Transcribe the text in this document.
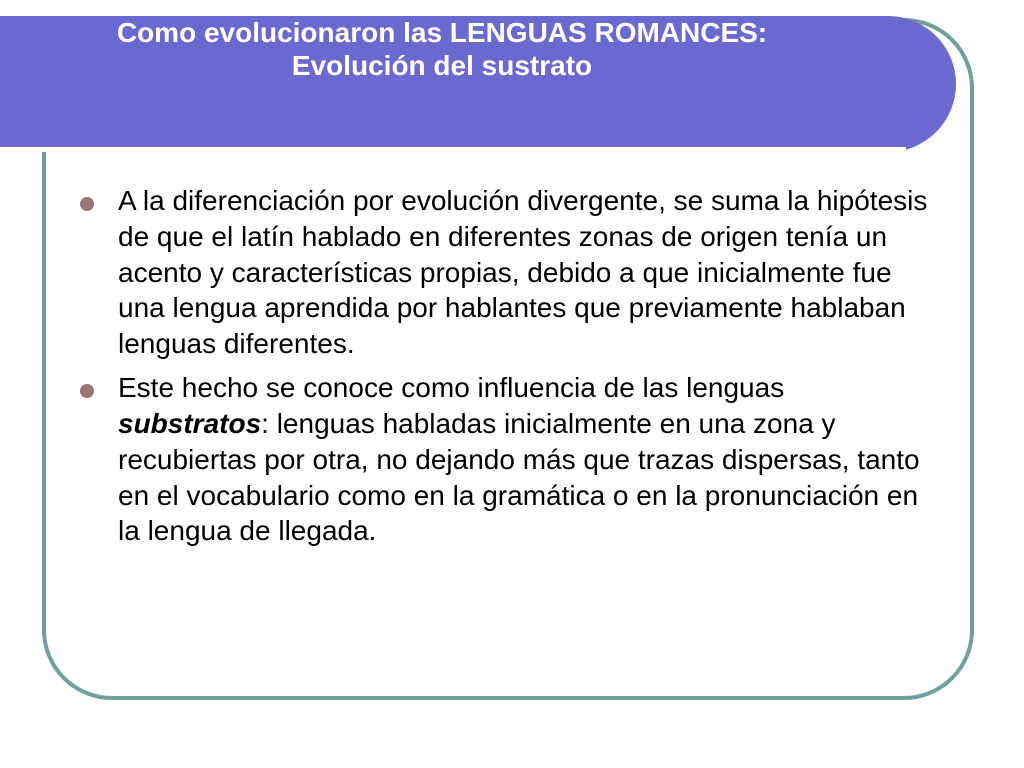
Como evolucionaron las LENGUAS ROMANCES:
Evolución del sustrato
A la diferenciación por evolución divergente, se suma la hipótesis de que el latín hablado en diferentes zonas de origen tenía un acento y características propias, debido a que inicialmente fue una lengua aprendida por hablantes que previamente hablaban lenguas diferentes.
Este hecho se conoce como influencia de las lenguas substratos: lenguas habladas inicialmente en una zona y recubiertas por otra, no dejando más que trazas dispersas, tanto en el vocabulario como en la gramática o en la pronunciación en la lengua de llegada.
